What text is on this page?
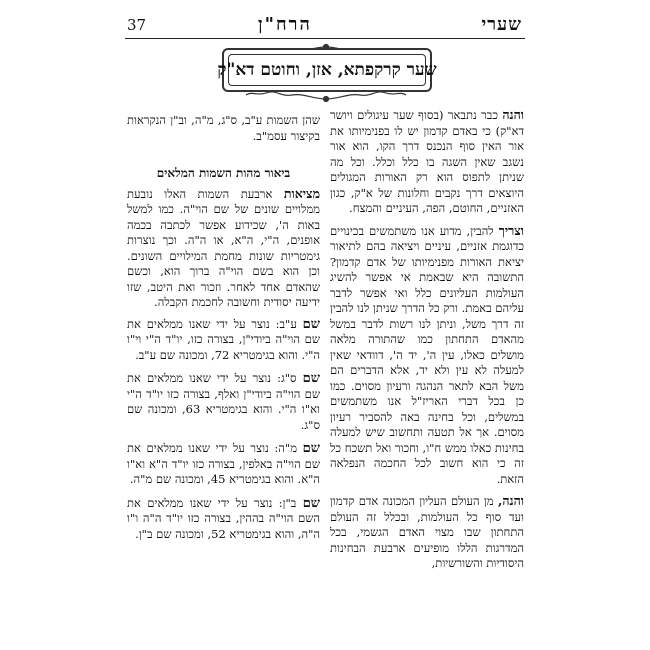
37	הרח"ן	שערי
שער קרקפתא, אזן, וחוטם דא"ק

והנה כבר נתבאר (בסוף שער עיגולים ויושר דא"ק) כי באדם קדמון יש לו בפנימיותו את אור האין סוף הנכנס דרך הקו, הוא אור נשגב שאין השגה בו כלל וכלל. וכל מה שניתן לתפוס הוא רק האורות המגולים היוצאים דרך נקבים וחלונות של א"ק, כגון האזניים, החוטם, הפה, העיניים והמצח.

וצריך להבין, מדוע אנו משתמשים בכינויים כדוגמת אזניים, עיניים ויציאה בהם לתיאור יציאת האורות מפנימיותו של אדם קדמון? התשובה היא שבאמת אי אפשר להשיג העולמות העליונים כלל ואי אפשר לדבר עליהם באמת. ורק כל הדרך שניתן לנו להבין זה דרך משל, וניתן לנו רשות לדבר במשל מהאדם התחתון כמו שהתורה מלאה מושלים כאלו, עין ה', יד ה', דוודאי שאין למעלה לא עין ולא יד, אלא הדברים הם משל הבא לתאר הנהגה ורעיון מסוים. כמו כן בכל דברי האריז"ל אנו משתמשים במשלים, וכל בחינה באה להסביר רעיון מסוים. אך אל תטעה ותחשוב שיש למעלה בחינות כאלו ממש ח"ו, וחכור ואל תשכח כל זה כי הוא חשוב לכל החכמה הנפלאה הזאת.

והנה, מן העולם העליון המכונה אדם קדמון ועד סוף כל העולמות, ובכלל זה העולם התחתון שבו מצוי האדם הגשמי, בכל המדרגות הללו מופיעים ארבעת הבחינות היסודיות והשורשיות,

שהן השמות ע"ב, ס"ג, מ"ה, וב"ן הנקראות בקיצור עסמ"ב.

ביאור מהות השמות המלאים

מציאות ארבעת השמות האלו נובעת ממלויים שונים של שם הוי"ה. כמו למשל באות ה', שכידוע אפשר לכתבה בכמה אופנים, ה"י, ה"א, או ה"ה. וכך נוצרות גימטריות שונות מחמת המילויים השונים. וכן הוא בשם הוי"ה ברוך הוא, וכשם שהאדם אחד לאחר. וזכור ואת היטב, שזו ידיעה יסודית וחשובה לחכמת הקבלה.

שם ע"ב: נוצר על ידי שאנו ממלאים את שם הוי"ה ביודי"ן, בצורה כזו, יו"ד ה"י וי"ו ה"י. והוא בגימטריא 72, ומכונה שם ע"ב.

שם ס"ג: נוצר על ידי שאנו ממלאים את שם הוי"ה ביודי"ן ואלף, בצורה כזו יו"ד ה"י וא"ו ה"י. והוא בגימטריא 63, ומכונה שם ס"ג.

שם מ"ה: נוצר על ידי שאנו ממלאים את שם הוי"ה באלפין, בצורה כזו יו"ד ה"א וא"ו ה"א. והוא בגימטריא 45, ומכונה שם מ"ה.

שם ב"ן: נוצר על ידי שאנו ממלאים את השם הוי"ה בההין, בצורה כזו יו"ד ה"ה ו"ו ה"ה, והוא בגימטריא 52, ומכונה שם ב"ן.
